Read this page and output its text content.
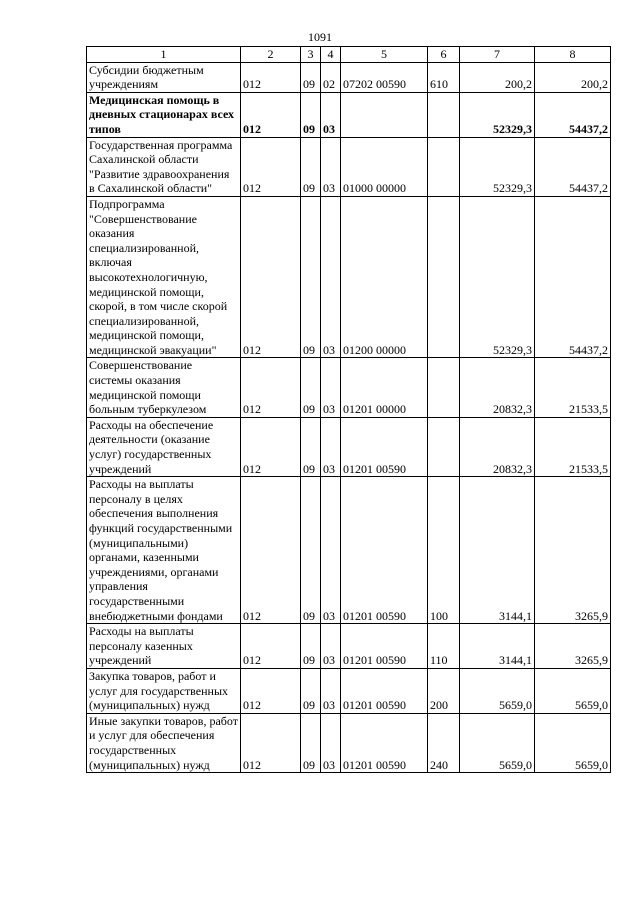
1091
1	2	3	4	5	6	7	8
Субсидии бюджетным учреждениям	012	09	02	07202 00590	610	200,2	200,2
Медицинская помощь в дневных стационарах всех типов	012	09	03			52329,3	54437,2
Государственная программа Сахалинской области "Развитие здравоохранения в Сахалинской области"	012	09	03	01000 00000		52329,3	54437,2
Подпрограмма "Совершенствование оказания специализированной, включая высокотехнологичную, медицинской помощи, скорой, в том числе скорой специализированной, медицинской помощи, медицинской эвакуации"	012	09	03	01200 00000		52329,3	54437,2
Совершенствование системы оказания медицинской помощи больным туберкулезом	012	09	03	01201 00000		20832,3	21533,5
Расходы на обеспечение деятельности (оказание услуг) государственных учреждений	012	09	03	01201 00590		20832,3	21533,5
Расходы на выплаты персоналу в целях обеспечения выполнения функций государственными (муниципальными) органами, казенными учреждениями, органами управления государственными внебюджетными фондами	012	09	03	01201 00590	100	3144,1	3265,9
Расходы на выплаты персоналу казенных учреждений	012	09	03	01201 00590	110	3144,1	3265,9
Закупка товаров, работ и услуг для государственных (муниципальных) нужд	012	09	03	01201 00590	200	5659,0	5659,0
Иные закупки товаров, работ и услуг для обеспечения государственных (муниципальных) нужд	012	09	03	01201 00590	240	5659,0	5659,0
